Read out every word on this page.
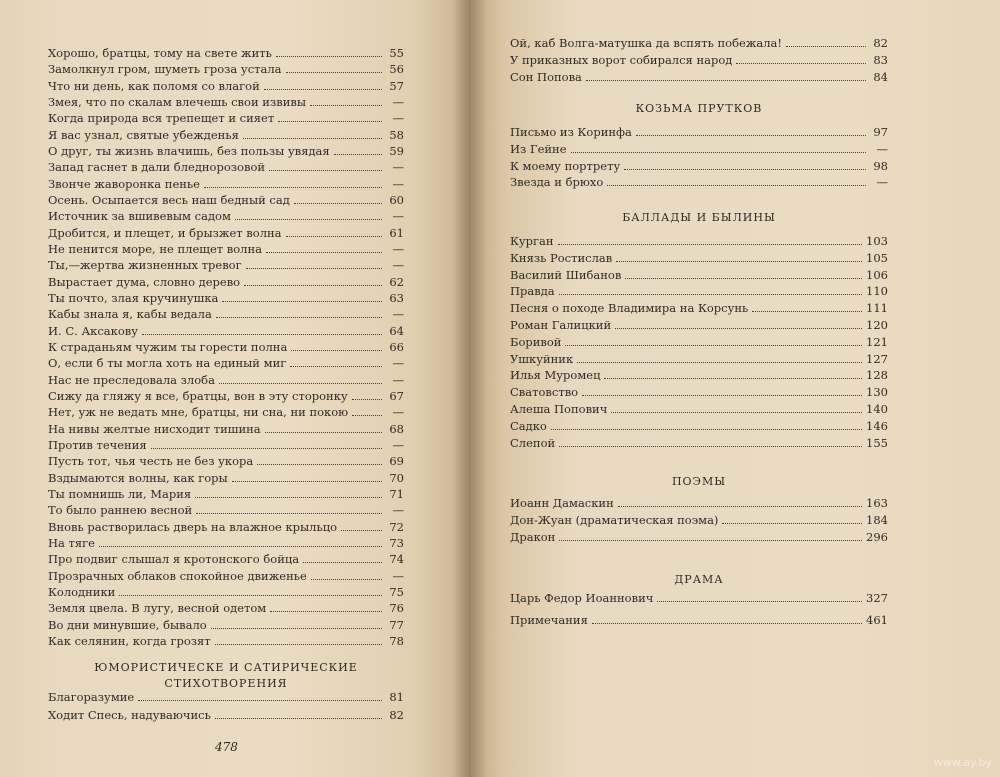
Хорошо, братцы, тому на свете жить	55
Замолкнул гром, шуметь гроза устала	56
Что ни день, как поломя со влагой	57
Змея, что по скалам влечешь свои извивы	—
Когда природа вся трепещет и сияет	—
Я вас узнал, святые убежденья	58
О друг, ты жизнь влачишь, без пользы увядая	59
Запад гаснет в дали бледнорозовой	—
Звонче жаворонка пенье	—
Осень. Осыпается весь наш бедный сад	60
Источник за вшивевым садом	—
Дробится, и плещет, и брызжет волна	61
Не пенится море, не плещет волна	—
Ты,—жертва жизненных тревог	—
Вырастает дума, словно дерево	62
Ты почто, злая кручинушка	63
Кабы знала я, кабы ведала	—
И. С. Аксакову	64
К страданьям чужим ты горести полна	66
О, если б ты могла хоть на единый миг	—
Нас не преследовала злоба	—
Сижу да гляжу я все, братцы, вон в эту сторонку	67
Нет, уж не ведать мне, братцы, ни сна, ни покою	—
На нивы желтые нисходит тишина	68
Против течения	—
Пусть тот, чья честь не без укора	69
Вздымаются волны, как горы	70
Ты помнишь ли, Мария	71
То было раннею весной	—
Вновь растворилась дверь на влажное крыльцо	72
На тяге	73
Про подвиг слышал я кротонского бойца	74
Прозрачных облаков спокойное движенье	—
Колодники	75
Земля цвела. В лугу, весной одетом	76
Во дни минувшие, бывало	77
Как селянин, когда грозят	78
ЮМОРИСТИЧЕСКЕ И САТИРИЧЕСКИЕ
СТИХОТВОРЕНИЯ
Благоразумие	81
Ходит Спесь, надуваючись	82
478
Ой, каб Волга-матушка да вспять побежала!	82
У приказных ворот собирался народ	83
Сон Попова	84
КОЗЬМА ПРУТКОВ
Письмо из Коринфа	97
Из Гейне	—
К моему портрету	98
Звезда и брюхо	—
БАЛЛАДЫ И БЫЛИНЫ
Курган	103
Князь Ростислав	105
Василий Шибанов	106
Правда	110
Песня о походе Владимира на Корсунь	111
Роман Галицкий	120
Боривой	121
Ушкуйник	127
Илья Муромец	128
Сватовство	130
Алеша Попович	140
Садко	146
Слепой	155
ПОЭМЫ
Иоанн Дамаскин	163
Дон-Жуан (драматическая поэма)	184
Дракон	296
ДРАМА
Царь Федор Иоаннович	327
Примечания	461
www.ay.by
